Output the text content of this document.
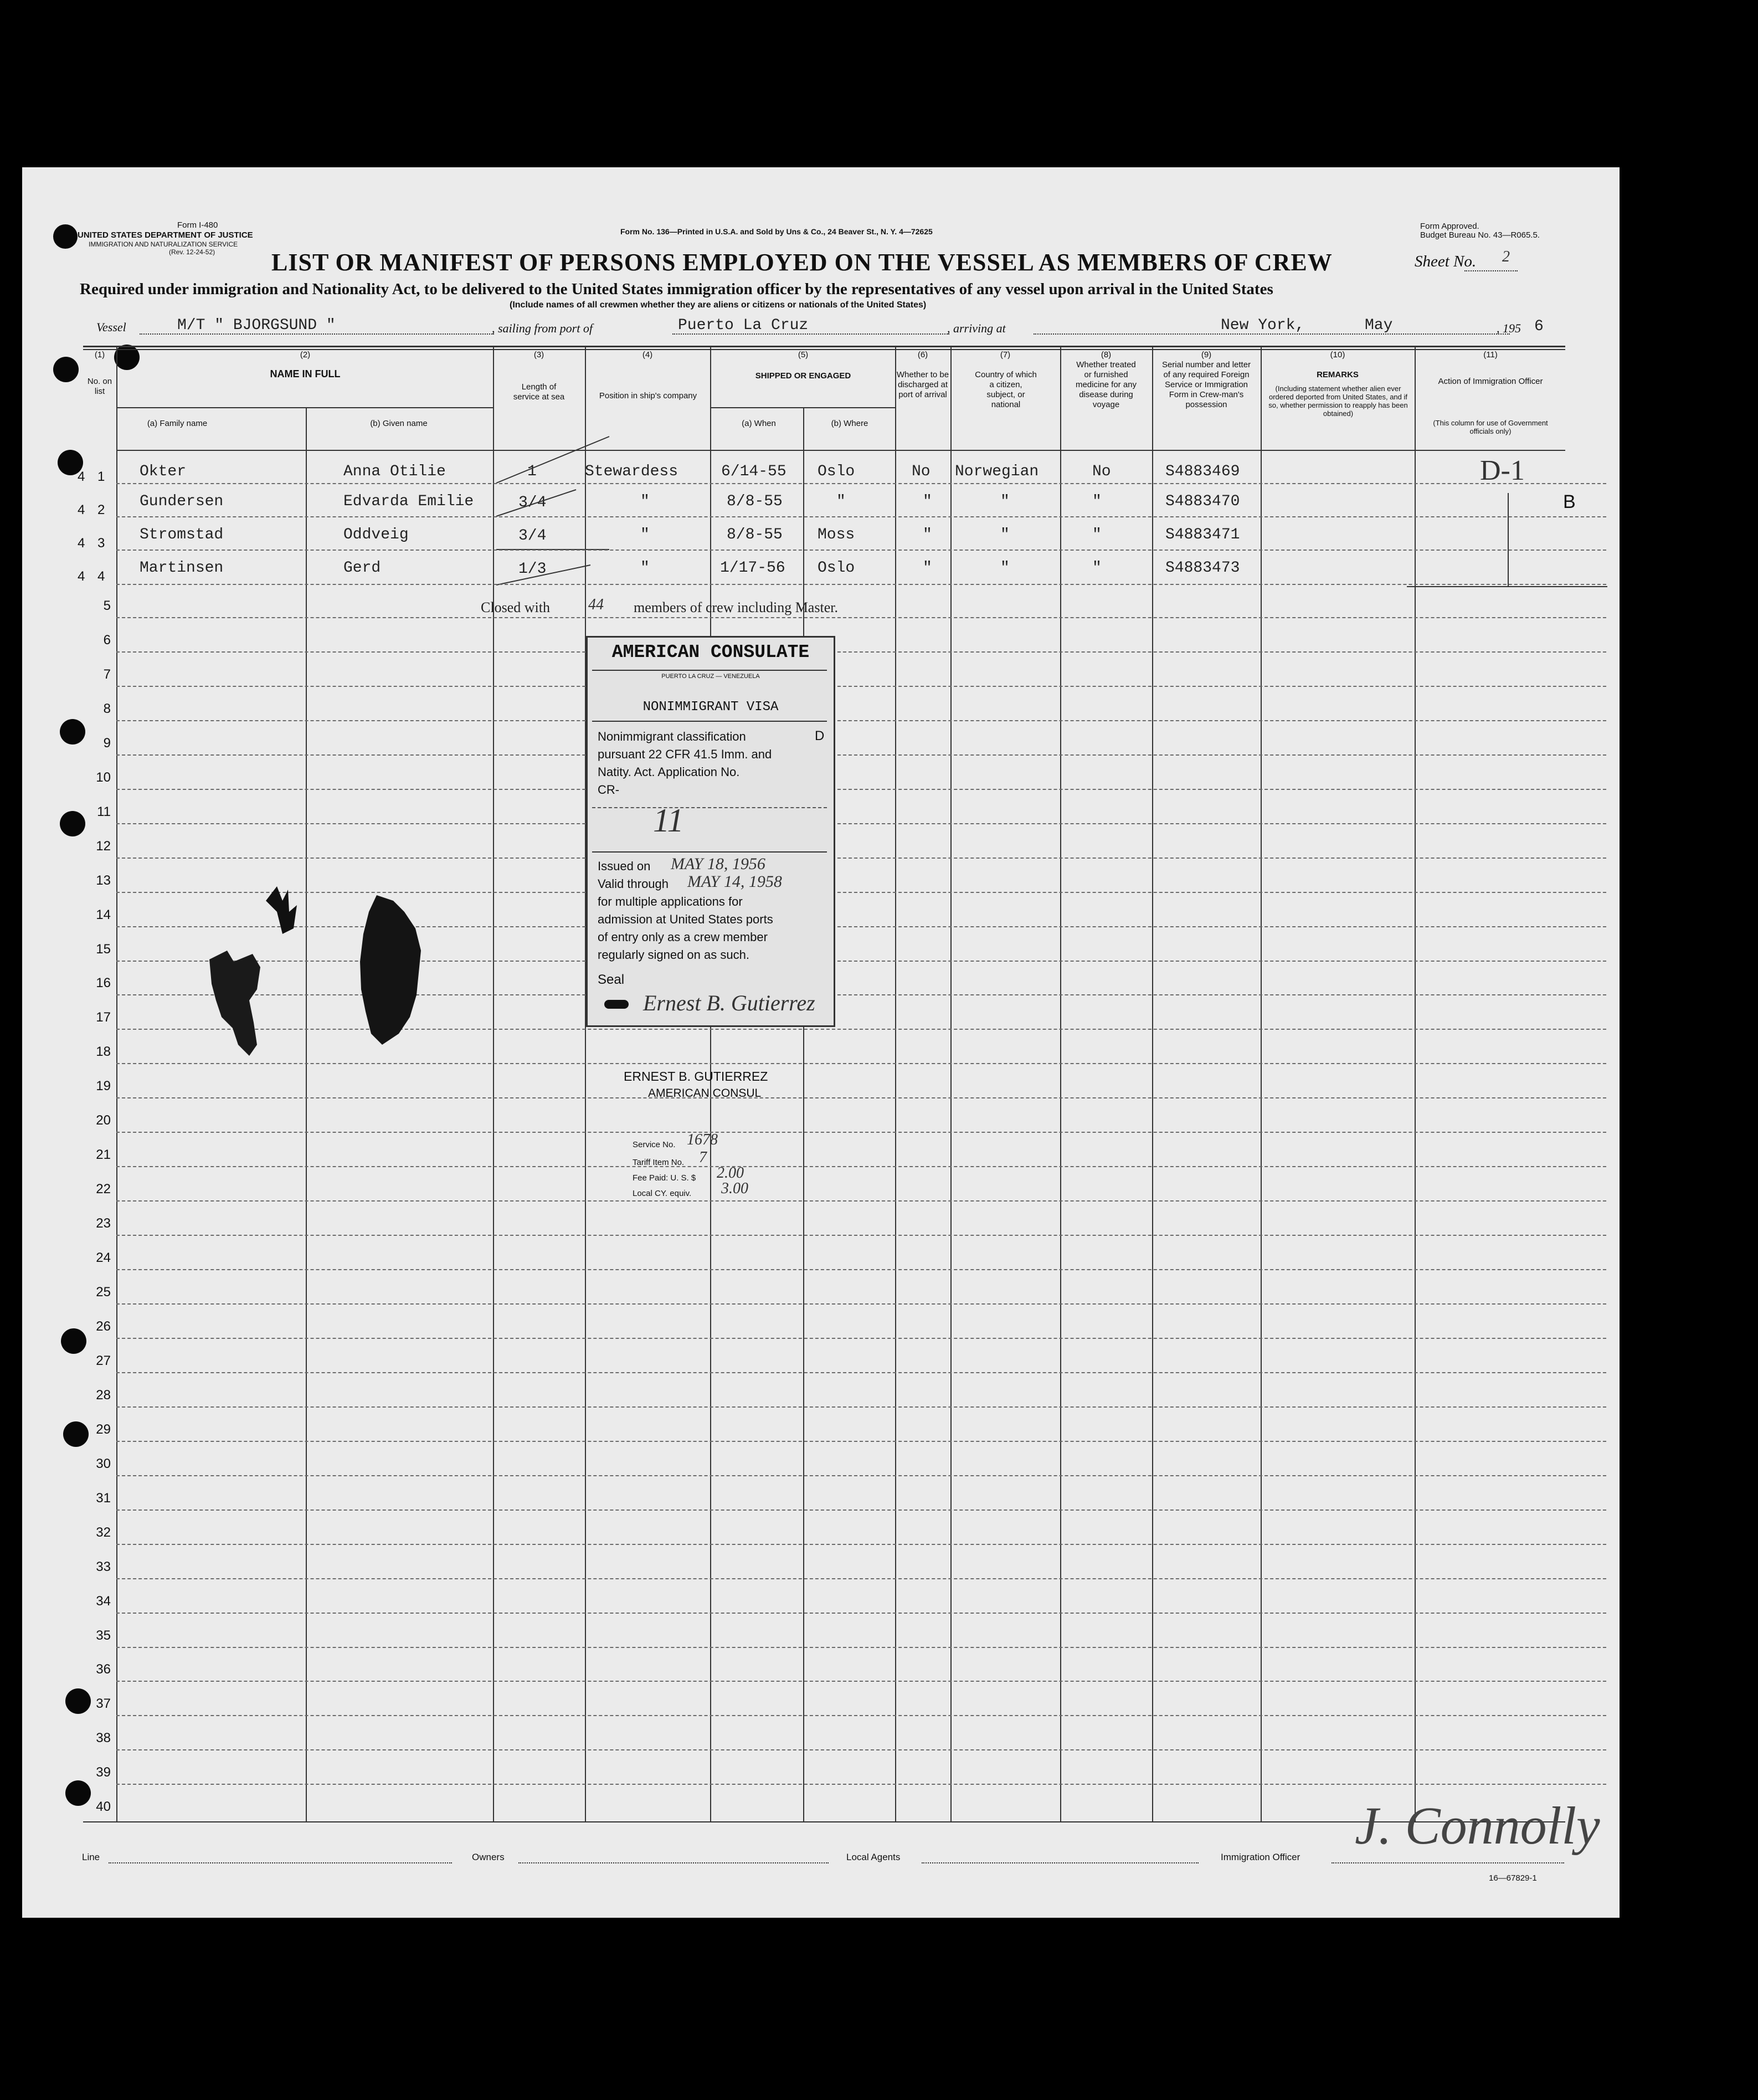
Form I-480
UNITED STATES DEPARTMENT OF JUSTICE
IMMIGRATION AND NATURALIZATION SERVICE
(Rev. 12-24-52)
Form No. 136—Printed in U.S.A. and Sold by Uns & Co., 24 Beaver St., N. Y. 4—72625
Form Approved.
Budget Bureau No. 43—R065.5.
LIST OR MANIFEST OF PERSONS EMPLOYED ON THE VESSEL AS MEMBERS OF CREW	Sheet No. 2
Required under immigration and Nationality Act, to be delivered to the United States immigration officer by the representatives of any vessel upon arrival in the United States
(Include names of all crewmen whether they are aliens or citizens or nationals of the United States)
Vessel	M/T " BJORGSUND "	, sailing from port of	Puerto La Cruz	, arriving at	New York,	May	, 195 6
(1)
No. on list
(2)
NAME IN FULL
(a) Family name	(b) Given name
(3)
Length of service at sea
(4)
Position in ship's company
(5)
SHIPPED OR ENGAGED
(a) When	(b) Where
(6)
Whether to be discharged at port of arrival
(7)
Country of which a citizen, subject, or national
(8)
Whether treated or furnished medicine for any disease during voyage
(9)
Serial number and letter of any required Foreign Service or Immigration Form in Crew-man's possession
(10)
REMARKS
(Including statement whether alien ever ordered deported from United States, and if so, whether permission to reapply has been obtained)
(11)
Action of Immigration Officer
(This column for use of Government officials only)
4 1 Okter	Anna Otilie	1	Stewardess	6/14-55 Oslo	No Norwegian	No	S4883469
4 2 Gundersen	Edvarda Emilie	3/4	"	8/8-55	"	"	"	"	S4883470
4 3 Stromstad	Oddveig	3/4	"	8/8-55 Moss	"	"	"	S4883471
4 4 Martinsen	Gerd	1/3	"	1/17-56 Oslo	"	"	"	S4883473
Closed with 44 members of crew including Master.
D-1
B
5
6
7
8
9
10
11
12
13
14
15
16
17
18
19
20
21
22
23
24
25
26
27
28
29
30
31
32
33
34
35
36
37
38
39
40
AMERICAN CONSULATE
PUERTO LA CRUZ — VENEZUELA
NONIMMIGRANT VISA
Nonimmigrant classification	D
pursuant 22 CFR 41.5 Imm. and
Natity. Act. Application No.
CR-
11
Issued on MAY 18, 1956
Valid through MAY 14, 1958
for multiple applications for
admission at United States ports
of entry only as a crew member
regularly signed on as such.
Seal
Ernest B. Gutierrez
ERNEST B. GUTIERREZ
AMERICAN CONSUL
Service No. 1678
Tariff Item No. 7
Fee Paid: U. S. $ 2.00
Local CY. equiv. 3.00
Line	Owners	Local Agents	Immigration Officer
J. Connolly
16—67829-1
